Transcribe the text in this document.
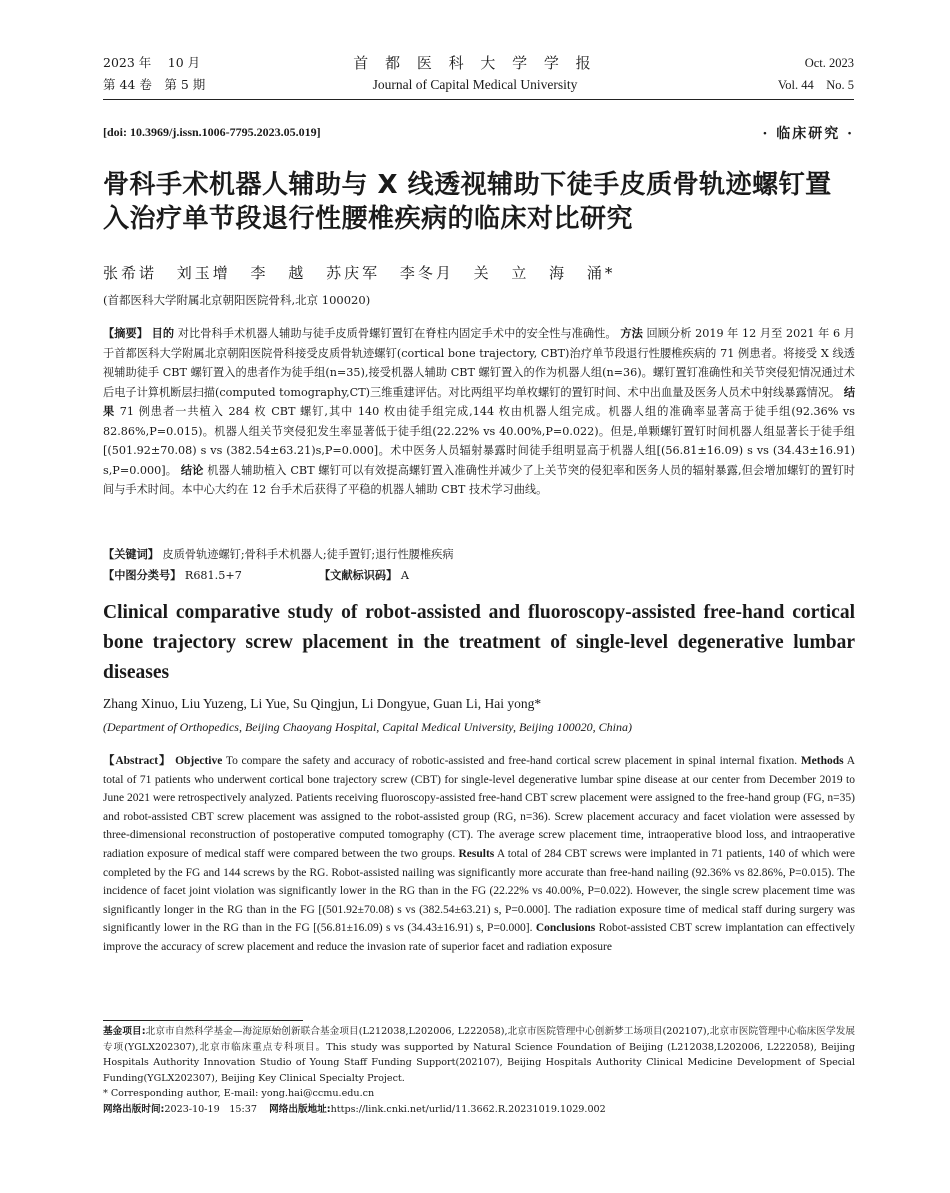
2023 年　 10 月
第 44 卷　第 5 期
首 都 医 科 大 学 学 报
Journal of Capital Medical University
Oct. 2023
Vol. 44　No. 5
[doi: 10.3969/j.issn.1006-7795.2023.05.019]	· 临床研究 ·
骨科手术机器人辅助与 X 线透视辅助下徒手皮质骨轨迹螺钉置入治疗单节段退行性腰椎疾病的临床对比研究
张希诺 刘玉增 李 越 苏庆军 李冬月 关 立 海 涌*
(首都医科大学附属北京朝阳医院骨科,北京 100020)
【摘要】 目的 对比骨科手术机器人辅助与徒手皮质骨螺钉置钉在脊柱内固定手术中的安全性与准确性。 方法 回顾分析 2019 年 12 月至 2021 年 6 月于首都医科大学附属北京朝阳医院骨科接受皮质骨轨迹螺钉(cortical bone trajectory, CBT)治疗单节段退行性腰椎疾病的 71 例患者。将接受 X 线透视辅助徒手 CBT 螺钉置入的患者作为徒手组(n=35),接受机器人辅助 CBT 螺钉置入的作为机器人组(n=36)。螺钉置钉准确性和关节突侵犯情况通过术后电子计算机断层扫描(computed tomography,CT)三维重建评估。对比两组平均单枚螺钉的置钉时间、术中出血量及医务人员术中射线暴露情况。 结果 71 例患者一共植入 284 枚 CBT 螺钉,其中 140 枚由徒手组完成,144 枚由机器人组完成。机器人组的准确率显著高于徒手组(92.36% vs 82.86%,P=0.015)。机器人组关节突侵犯发生率显著低于徒手组(22.22% vs 40.00%,P=0.022)。但是,单颗螺钉置钉时间机器人组显著长于徒手组[(501.92±70.08) s vs (382.54±63.21)s,P=0.000]。术中医务人员辐射暴露时间徒手组明显高于机器人组[(56.81±16.09) s vs (34.43±16.91) s,P=0.000]。 结论 机器人辅助植入 CBT 螺钉可以有效提高螺钉置入准确性并减少了上关节突的侵犯率和医务人员的辐射暴露,但会增加螺钉的置钉时间与手术时间。本中心大约在 12 台手术后获得了平稳的机器人辅助 CBT 技术学习曲线。
【关键词】 皮质骨轨迹螺钉;骨科手术机器人;徒手置钉;退行性腰椎疾病
【中图分类号】 R681.5+7	【文献标识码】 A
Clinical comparative study of robot-assisted and fluoroscopy-assisted free-hand cortical bone trajectory screw placement in the treatment of single-level degenerative lumbar diseases
Zhang Xinuo, Liu Yuzeng, Li Yue, Su Qingjun, Li Dongyue, Guan Li, Hai yong*
(Department of Orthopedics, Beijing Chaoyang Hospital, Capital Medical University, Beijing 100020, China)
【Abstract】 Objective To compare the safety and accuracy of robotic-assisted and free-hand cortical screw placement in spinal internal fixation. Methods A total of 71 patients who underwent cortical bone trajectory screw (CBT) for single-level degenerative lumbar spine disease at our center from December 2019 to June 2021 were retrospectively analyzed. Patients receiving fluoroscopy-assisted free-hand CBT screw placement were assigned to the free-hand group (FG, n=35) and robot-assisted CBT screw placement was assigned to the robot-assisted group (RG, n=36). Screw placement accuracy and facet violation were assessed by three-dimensional reconstruction of postoperative computed tomography (CT). The average screw placement time, intraoperative blood loss, and intraoperative radiation exposure of medical staff were compared between the two groups. Results A total of 284 CBT screws were implanted in 71 patients, 140 of which were completed by the FG and 144 screws by the RG. Robot-assisted nailing was significantly more accurate than free-hand nailing (92.36% vs 82.86%, P=0.015). The incidence of facet joint violation was significantly lower in the RG than in the FG (22.22% vs 40.00%, P=0.022). However, the single screw placement time was significantly longer in the RG than in the FG [(501.92±70.08) s vs (382.54±63.21) s, P=0.000]. The radiation exposure time of medical staff during surgery was significantly lower in the RG than in the FG [(56.81±16.09) s vs (34.43±16.91) s, P=0.000]. Conclusions Robot-assisted CBT screw implantation can effectively improve the accuracy of screw placement and reduce the invasion rate of superior facet and radiation exposure
基金项目:北京市自然科学基金—海淀原始创新联合基金项目(L212038,L202006, L222058),北京市医院管理中心创新梦工场项目(202107),北京市医院管理中心临床医学发展专项(YGLX202307),北京市临床重点专科项目。This study was supported by Natural Science Foundation of Beijing (L212038,L202006, L222058), Beijing Hospitals Authority Innovation Studio of Young Staff Funding Support(202107), Beijing Hospitals Authority Clinical Medicine Development of Special Funding(YGLX202307), Beijing Key Clinical Specialty Project.
* Corresponding author, E-mail: yong.hai@ccmu.edu.cn
网络出版时间:2023-10-19　15:37 网络出版地址:https://link.cnki.net/urlid/11.3662.R.20231019.1029.002
